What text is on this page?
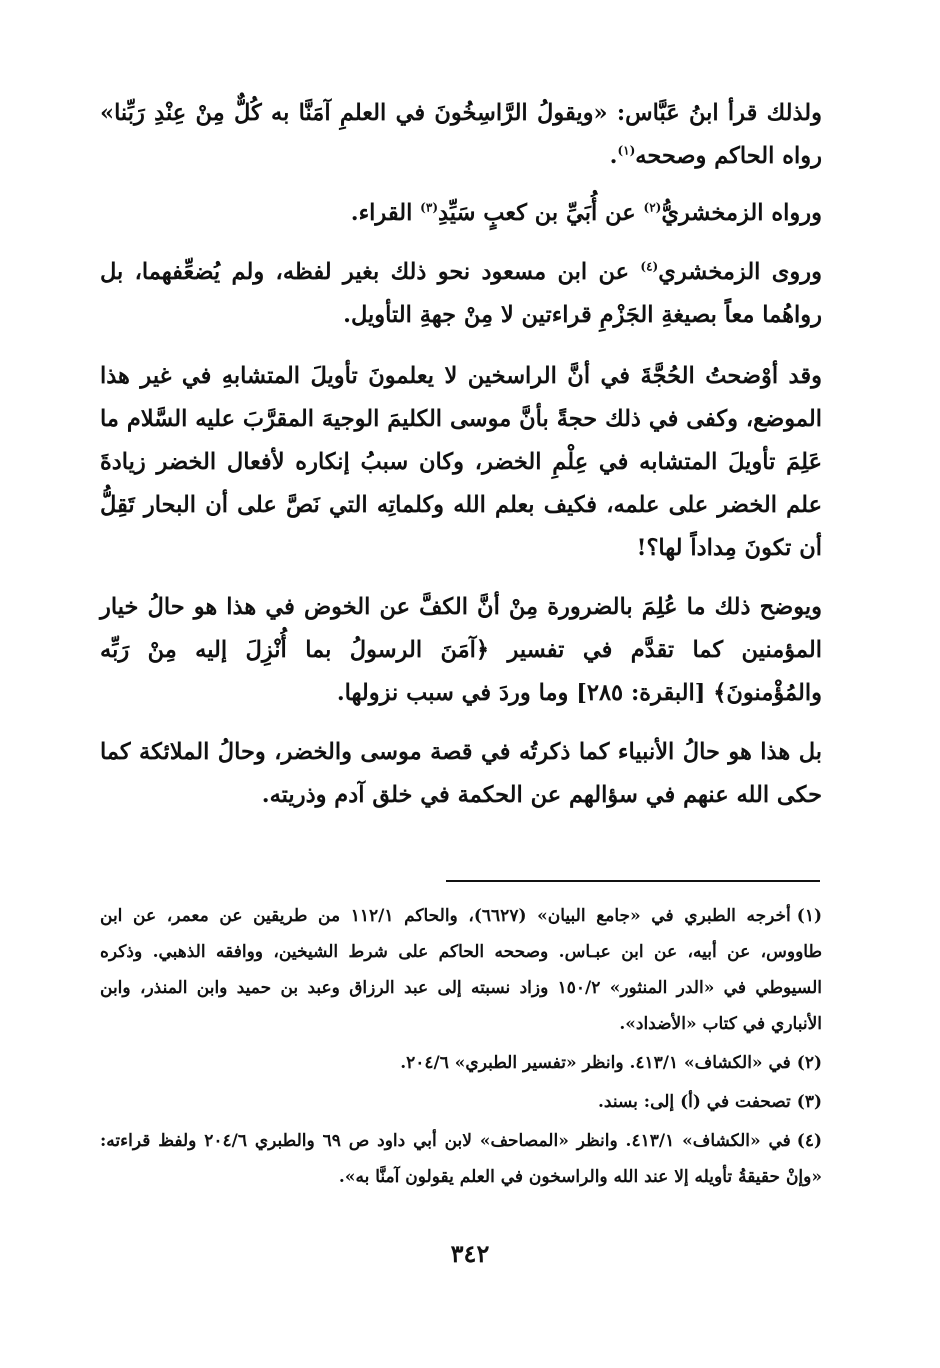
ولذلك قرأ ابنُ عَبَّاس: «ويقولُ الرَّاسِخُونَ في العلمِ آمَنَّا به كُلٌّ مِنْ عِنْدِ رَبِّنا» رواه الحاكم وصححه$^{(١)}$.

ورواه الزمخشريُّ$^{(٢)}$ عن أُبَيِّ بن كعبٍ سَيِّدِ$^{(٣)}$ القراء.

وروى الزمخشري$^{(٤)}$ عن ابن مسعود نحو ذلك بغير لفظه، ولم يُضعِّفهما، بل رواهُما معاً بصيغةِ الجَزْمِ قراءتين لا مِنْ جهةِ التأويل.

وقد أوْضحتُ الحُجَّةَ في أنَّ الراسخين لا يعلمونَ تأويلَ المتشابهِ في غير هذا الموضع، وكفى في ذلك حجةً بأنَّ موسى الكليمَ الوجيهَ المقرَّبَ عليه السَّلام ما عَلِمَ تأويلَ المتشابه في عِلْمِ الخضر، وكان سببُ إنكاره لأفعال الخضر زيادةَ علم الخضر على علمه، فكيف بعلم الله وكلماتِه التي نَصَّ على أن البحار تَقِلُّ أن تكونَ مِداداً لها؟!

ويوضح ذلك ما عُلِمَ بالضرورة مِنْ أنَّ الكفَّ عن الخوض في هذا هو حالُ خيار المؤمنين كما تقدَّم في تفسير ﴿آمَنَ الرسولُ بما أُنْزِلَ إليه مِنْ رَبِّه والمُؤْمنونَ﴾ [البقرة: ٢٨٥] وما وردَ في سبب نزولها.

بل هذا هو حالُ الأنبياء كما ذكرتُه في قصة موسى والخضر، وحالُ الملائكة كما حكى الله عنهم في سؤالهم عن الحكمة في خلق آدم وذريته.

(١)أخرجه الطبري في «جامع البيان» (٦٦٢٧)، والحاكم ١١٢/١ من طريقين عن معمر، عن ابن طاووس، عن أبيه، عن ابن عبـاس. وصححه الحاكم على شرط الشيخين، ووافقه الذهبي. وذكره السيوطي في «الدر المنثور» ١٥٠/٢ وزاد نسبته إلى عبد الرزاق وعبد بن حميد وابن المنذر، وابن الأنباري في كتاب «الأضداد».

(٢)في «الكشاف» ٤١٣/١. وانظر «تفسير الطبري» ٢٠٤/٦.

(٣)تصحفت في (أ) إلى: بسند.

(٤)في «الكشاف» ٤١٣/١. وانظر «المصاحف» لابن أبي داود ص ٦٩ والطبري ٢٠٤/٦ ولفظ قراءته: «وإنْ حقيقةُ تأويله إلا عند الله والراسخون في العلم يقولون آمنَّا به».

٣٤٢
